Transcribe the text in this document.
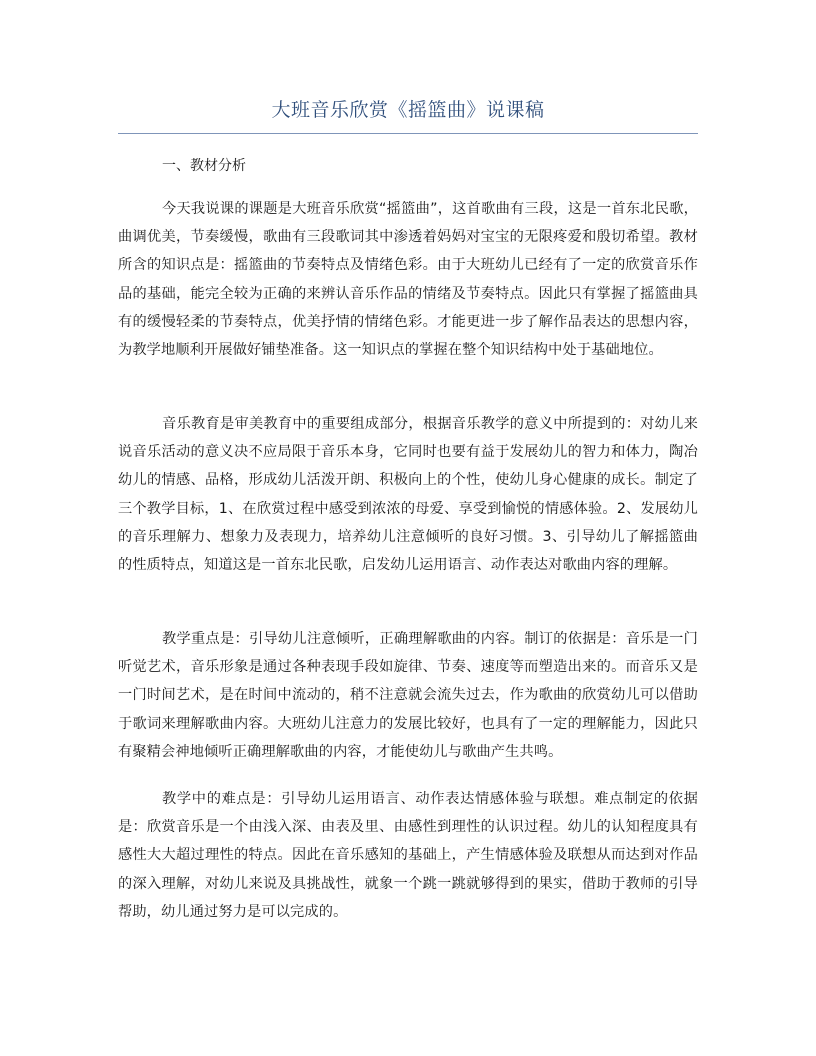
大班音乐欣赏《摇篮曲》说课稿
一、教材分析

今天我说课的课题是大班音乐欣赏“摇篮曲”，这首歌曲有三段，这是一首东北民歌，曲调优美，节奏缓慢，歌曲有三段歌词其中渗透着妈妈对宝宝的无限疼爱和殷切希望。教材所含的知识点是：摇篮曲的节奏特点及情绪色彩。由于大班幼儿已经有了一定的欣赏音乐作品的基础，能完全较为正确的来辨认音乐作品的情绪及节奏特点。因此只有掌握了摇篮曲具有的缓慢轻柔的节奏特点，优美抒情的情绪色彩。才能更进一步了解作品表达的思想内容，为教学地顺利开展做好铺垫准备。这一知识点的掌握在整个知识结构中处于基础地位。

音乐教育是审美教育中的重要组成部分，根据音乐教学的意义中所提到的：对幼儿来说音乐活动的意义决不应局限于音乐本身，它同时也要有益于发展幼儿的智力和体力，陶冶幼儿的情感、品格，形成幼儿活泼开朗、积极向上的个性，使幼儿身心健康的成长。制定了三个教学目标，1、在欣赏过程中感受到浓浓的母爱、享受到愉悦的情感体验。2、发展幼儿的音乐理解力、想象力及表现力，培养幼儿注意倾听的良好习惯。3、引导幼儿了解摇篮曲的性质特点，知道这是一首东北民歌，启发幼儿运用语言、动作表达对歌曲内容的理解。

教学重点是：引导幼儿注意倾听，正确理解歌曲的内容。制订的依据是：音乐是一门听觉艺术，音乐形象是通过各种表现手段如旋律、节奏、速度等而塑造出来的。而音乐又是一门时间艺术，是在时间中流动的，稍不注意就会流失过去，作为歌曲的欣赏幼儿可以借助于歌词来理解歌曲内容。大班幼儿注意力的发展比较好，也具有了一定的理解能力，因此只有聚精会神地倾听正确理解歌曲的内容，才能使幼儿与歌曲产生共鸣。

教学中的难点是：引导幼儿运用语言、动作表达情感体验与联想。难点制定的依据是：欣赏音乐是一个由浅入深、由表及里、由感性到理性的认识过程。幼儿的认知程度具有感性大大超过理性的特点。因此在音乐感知的基础上，产生情感体验及联想从而达到对作品的深入理解，对幼儿来说及具挑战性，就象一个跳一跳就够得到的果实，借助于教师的引导帮助，幼儿通过努力是可以完成的。
